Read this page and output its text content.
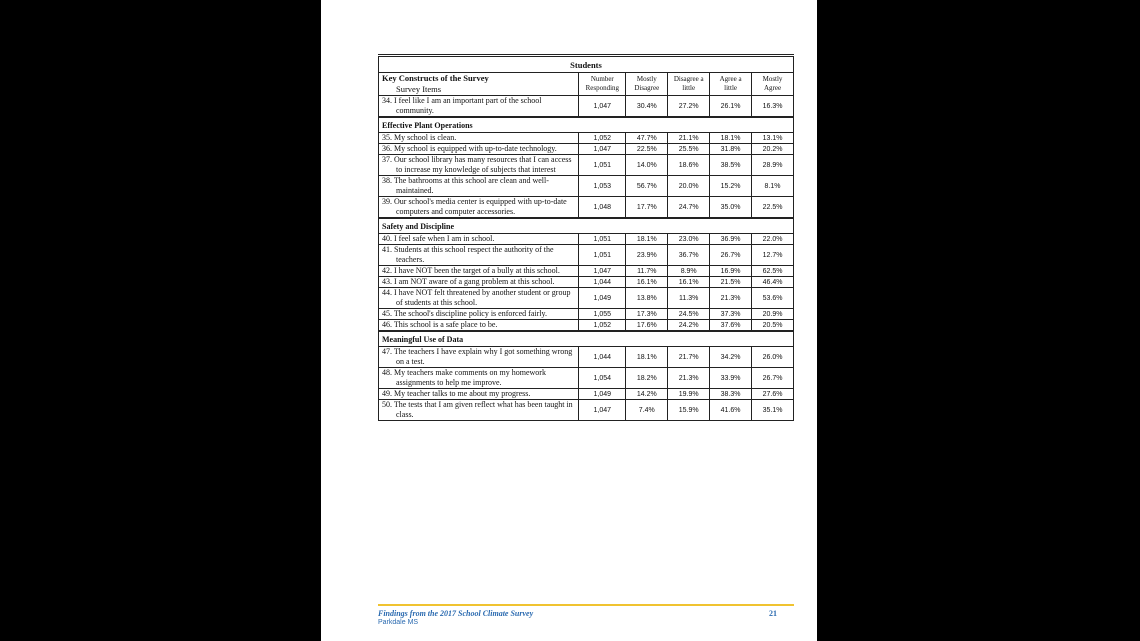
Students					
Key Constructs of the Survey
Survey Items	Number Responding	Mostly Disagree	Disagree a little	Agree a little	Mostly Agree

34. I feel like I am an important part of the school community.	1,047	30.4%	27.2%	26.1%	16.3%
Effective Plant Operations					

35. My school is clean.	1,052	47.7%	21.1%	18.1%	13.1%

36. My school is equipped with up-to-date technology.	1,047	22.5%	25.5%	31.8%	20.2%

37. Our school library has many resources that I can access to increase my knowledge of subjects that interest	1,051	14.0%	18.6%	38.5%	28.9%

38. The bathrooms at this school are clean and well-maintained.	1,053	56.7%	20.0%	15.2%	8.1%

39. Our school's media center is equipped with up-to-date computers and computer accessories.	1,048	17.7%	24.7%	35.0%	22.5%
Safety and Discipline					

40. I feel safe when I am in school.	1,051	18.1%	23.0%	36.9%	22.0%

41. Students at this school respect the authority of the teachers.	1,051	23.9%	36.7%	26.7%	12.7%

42. I have NOT been the target of a bully at this school.	1,047	11.7%	8.9%	16.9%	62.5%

43. I am NOT aware of a gang problem at this school.	1,044	16.1%	16.1%	21.5%	46.4%

44. I have NOT felt threatened by another student or group of students at this school.	1,049	13.8%	11.3%	21.3%	53.6%

45. The school's discipline policy is enforced fairly.	1,055	17.3%	24.5%	37.3%	20.9%

46. This school is a safe place to be.	1,052	17.6%	24.2%	37.6%	20.5%
Meaningful Use of Data					

47. The teachers I have explain why I got something wrong on a test.	1,044	18.1%	21.7%	34.2%	26.0%

48. My teachers make comments on my homework assignments to help me improve.	1,054	18.2%	21.3%	33.9%	26.7%

49. My teacher talks to me about my progress.	1,049	14.2%	19.9%	38.3%	27.6%

50. The tests that I am given reflect what has been taught in class.	1,047	7.4%	15.9%	41.6%	35.1%
Findings from the 2017 School Climate Survey
Parkdale MS
21
